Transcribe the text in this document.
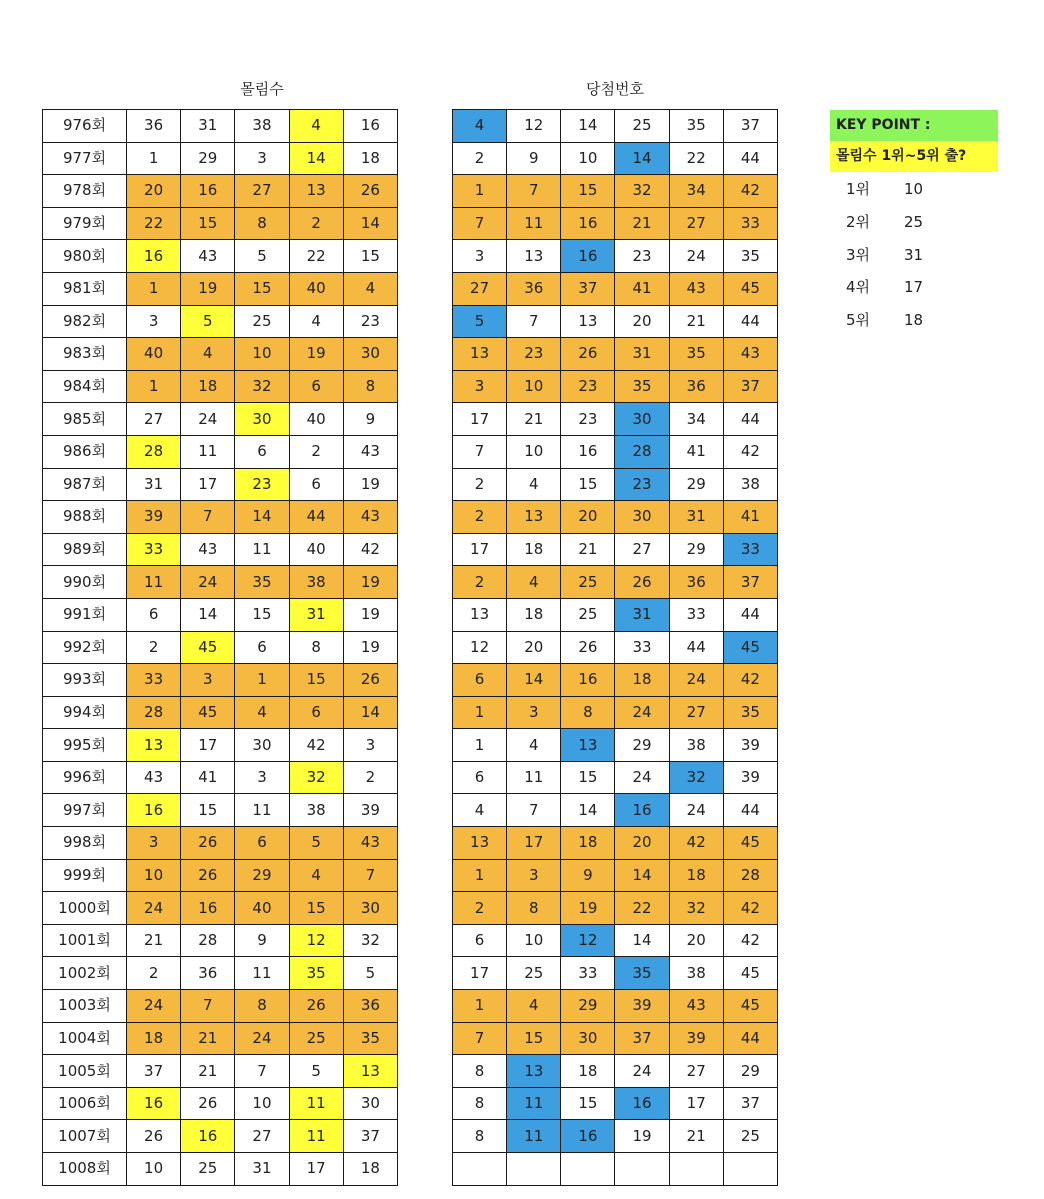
몰림수	당첨번호
976회	36	31	38	4	16
977회	1	29	3	14	18
978회	20	16	27	13	26
979회	22	15	8	2	14
980회	16	43	5	22	15
981회	1	19	15	40	4
982회	3	5	25	4	23
983회	40	4	10	19	30
984회	1	18	32	6	8
985회	27	24	30	40	9
986회	28	11	6	2	43
987회	31	17	23	6	19
988회	39	7	14	44	43
989회	33	43	11	40	42
990회	11	24	35	38	19
991회	6	14	15	31	19
992회	2	45	6	8	19
993회	33	3	1	15	26
994회	28	45	4	6	14
995회	13	17	30	42	3
996회	43	41	3	32	2
997회	16	15	11	38	39
998회	3	26	6	5	43
999회	10	26	29	4	7
1000회	24	16	40	15	30
1001회	21	28	9	12	32
1002회	2	36	11	35	5
1003회	24	7	8	26	36
1004회	18	21	24	25	35
1005회	37	21	7	5	13
1006회	16	26	10	11	30
1007회	26	16	27	11	37
1008회	10	25	31	17	18
4	12	14	25	35	37
2	9	10	14	22	44
1	7	15	32	34	42
7	11	16	21	27	33
3	13	16	23	24	35
27	36	37	41	43	45
5	7	13	20	21	44
13	23	26	31	35	43
3	10	23	35	36	37
17	21	23	30	34	44
7	10	16	28	41	42
2	4	15	23	29	38
2	13	20	30	31	41
17	18	21	27	29	33
2	4	25	26	36	37
13	18	25	31	33	44
12	20	26	33	44	45
6	14	16	18	24	42
1	3	8	24	27	35
1	4	13	29	38	39
6	11	15	24	32	39
4	7	14	16	24	44
13	17	18	20	42	45
1	3	9	14	18	28
2	8	19	22	32	42
6	10	12	14	20	42
17	25	33	35	38	45
1	4	29	39	43	45
7	15	30	37	39	44
8	13	18	24	27	29
8	11	15	16	17	37
8	11	16	19	21	25

KEY POINT :
몰림수 1위~5위 출?
1위 10
2위 25
3위 31
4위 17
5위 18
